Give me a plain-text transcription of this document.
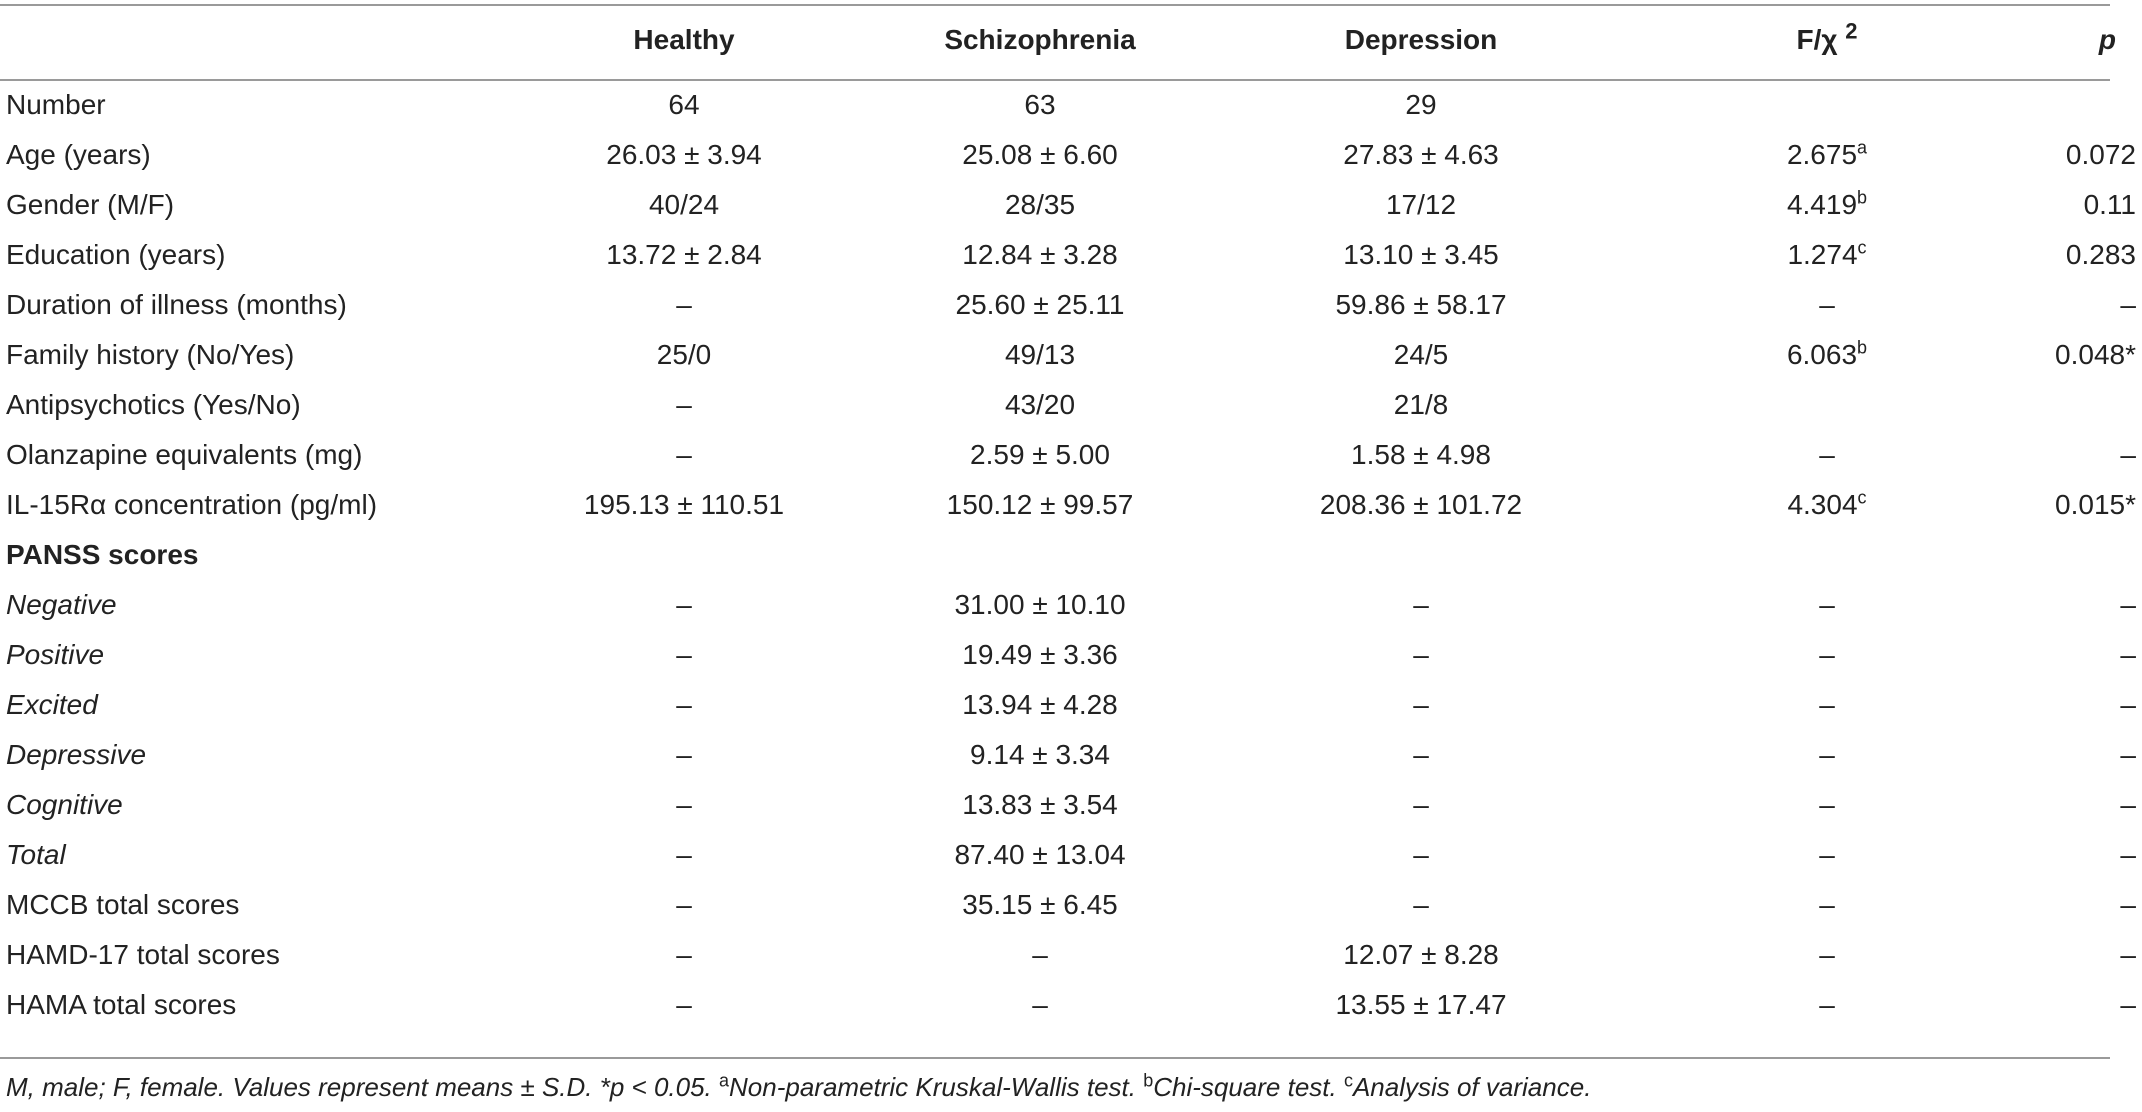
	Healthy	Schizophrenia	Depression	F/χ $^2$	p
Number	64	63	29		
Age (years)	26.03 ± 3.94	25.08 ± 6.60	27.83 ± 4.63	2.675$^a$	0.072
Gender (M/F)	40/24	28/35	17/12	4.419$^b$	0.11
Education (years)	13.72 ± 2.84	12.84 ± 3.28	13.10 ± 3.45	1.274$^c$	0.283
Duration of illness (months)	–	25.60 ± 25.11	59.86 ± 58.17	–	–
Family history (No/Yes)	25/0	49/13	24/5	6.063$^b$	0.048*
Antipsychotics (Yes/No)	–	43/20	21/8		
Olanzapine equivalents (mg)	–	2.59 ± 5.00	1.58 ± 4.98	–	–
IL-15Rα concentration (pg/ml)	195.13 ± 110.51	150.12 ± 99.57	208.36 ± 101.72	4.304$^c$	0.015*
PANSS scores					
Negative	–	31.00 ± 10.10	–	–	–
Positive	–	19.49 ± 3.36	–	–	–
Excited	–	13.94 ± 4.28	–	–	–
Depressive	–	9.14 ± 3.34	–	–	–
Cognitive	–	13.83 ± 3.54	–	–	–
Total	–	87.40 ± 13.04	–	–	–
MCCB total scores	–	35.15 ± 6.45	–	–	–
HAMD-17 total scores	–	–	12.07 ± 8.28	–	–
HAMA total scores	–	–	13.55 ± 17.47	–	–
M, male; F, female. Values represent means ± S.D. *p < 0.05. $^a$Non-parametric Kruskal-Wallis test. $^b$Chi-square test. $^c$Analysis of variance.
